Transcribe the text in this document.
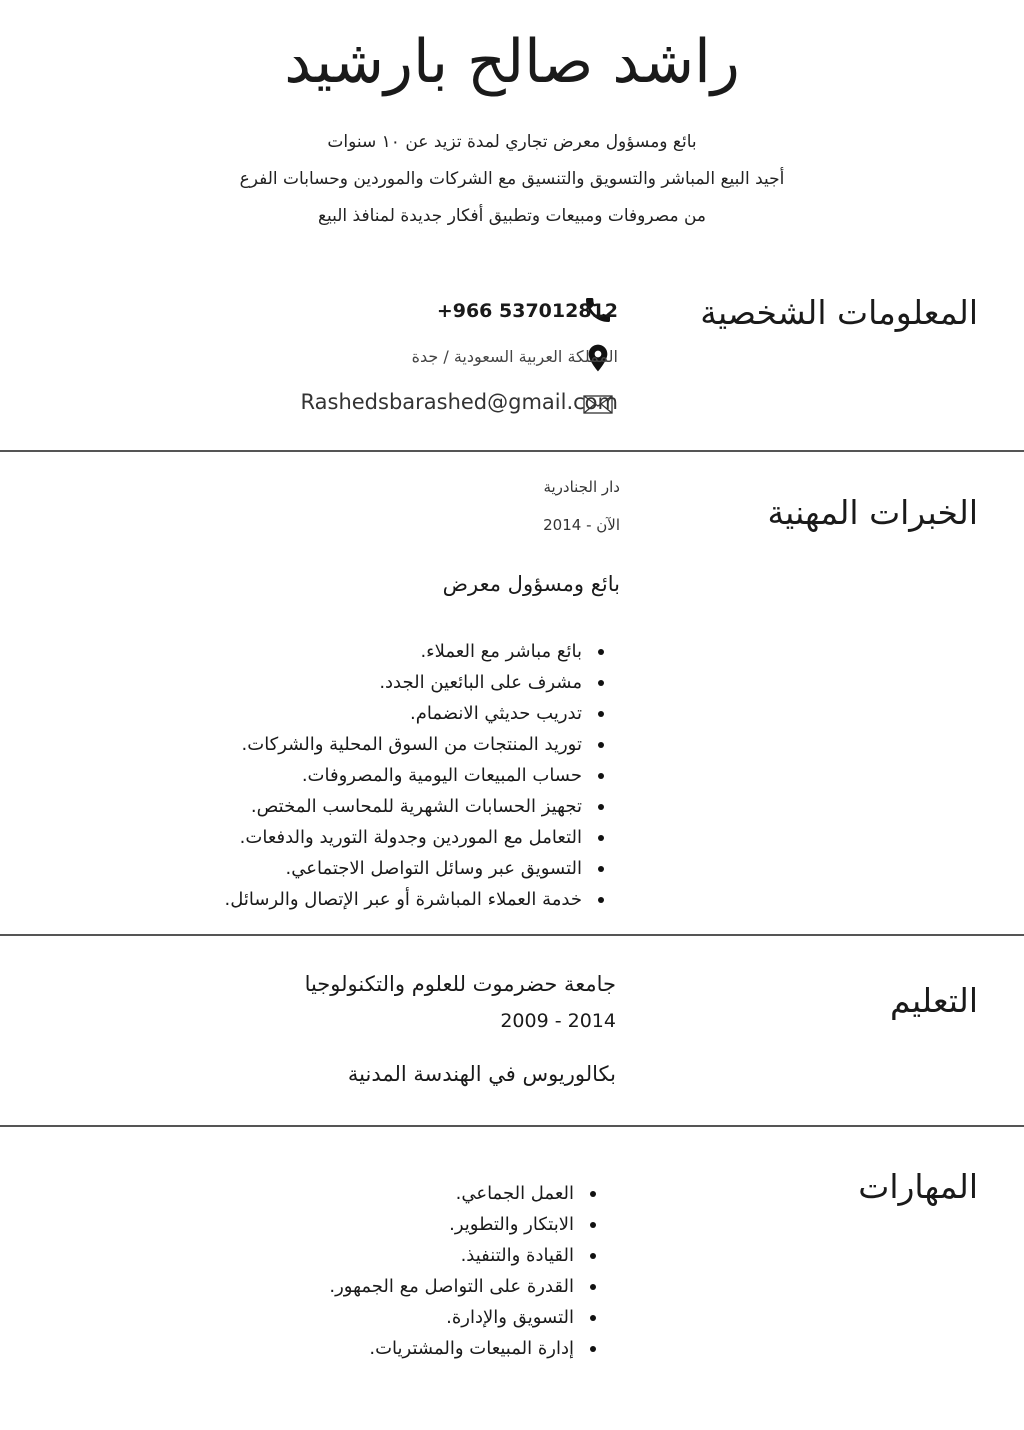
راشد صالح بارشيد

بائع ومسؤول معرض تجاري لمدة تزيد عن ١٠ سنوات

أجيد البيع المباشر والتسويق والتنسيق مع الشركات والموردين وحسابات الفرع

من مصروفات ومبيعات وتطبيق أفكار جديدة لمنافذ البيع

المعلومات الشخصية
+966 537012812
المملكة العربية السعودية / جدة
Rashedsbarashed@gmail.com
الخبرات المهنية

دار الجنادرية

2014 - الآن

بائع ومسؤول معرض

بائع مباشر مع العملاء.
مشرف على البائعين الجدد.
تدريب حديثي الانضمام.
توريد المنتجات من السوق المحلية والشركات.
حساب المبيعات اليومية والمصروفات.
تجهيز الحسابات الشهرية للمحاسب المختص.
التعامل مع الموردين وجدولة التوريد والدفعات.
التسويق عبر وسائل التواصل الاجتماعي.
خدمة العملاء المباشرة أو عبر الإتصال والرسائل.
التعليم

جامعة حضرموت للعلوم والتكنولوجيا

2009 - 2014

بكالوريوس في الهندسة المدنية

المهارات
العمل الجماعي.
الابتكار والتطوير.
القيادة والتنفيذ.
القدرة على التواصل مع الجمهور.
التسويق والإدارة.
إدارة المبيعات والمشتريات.
